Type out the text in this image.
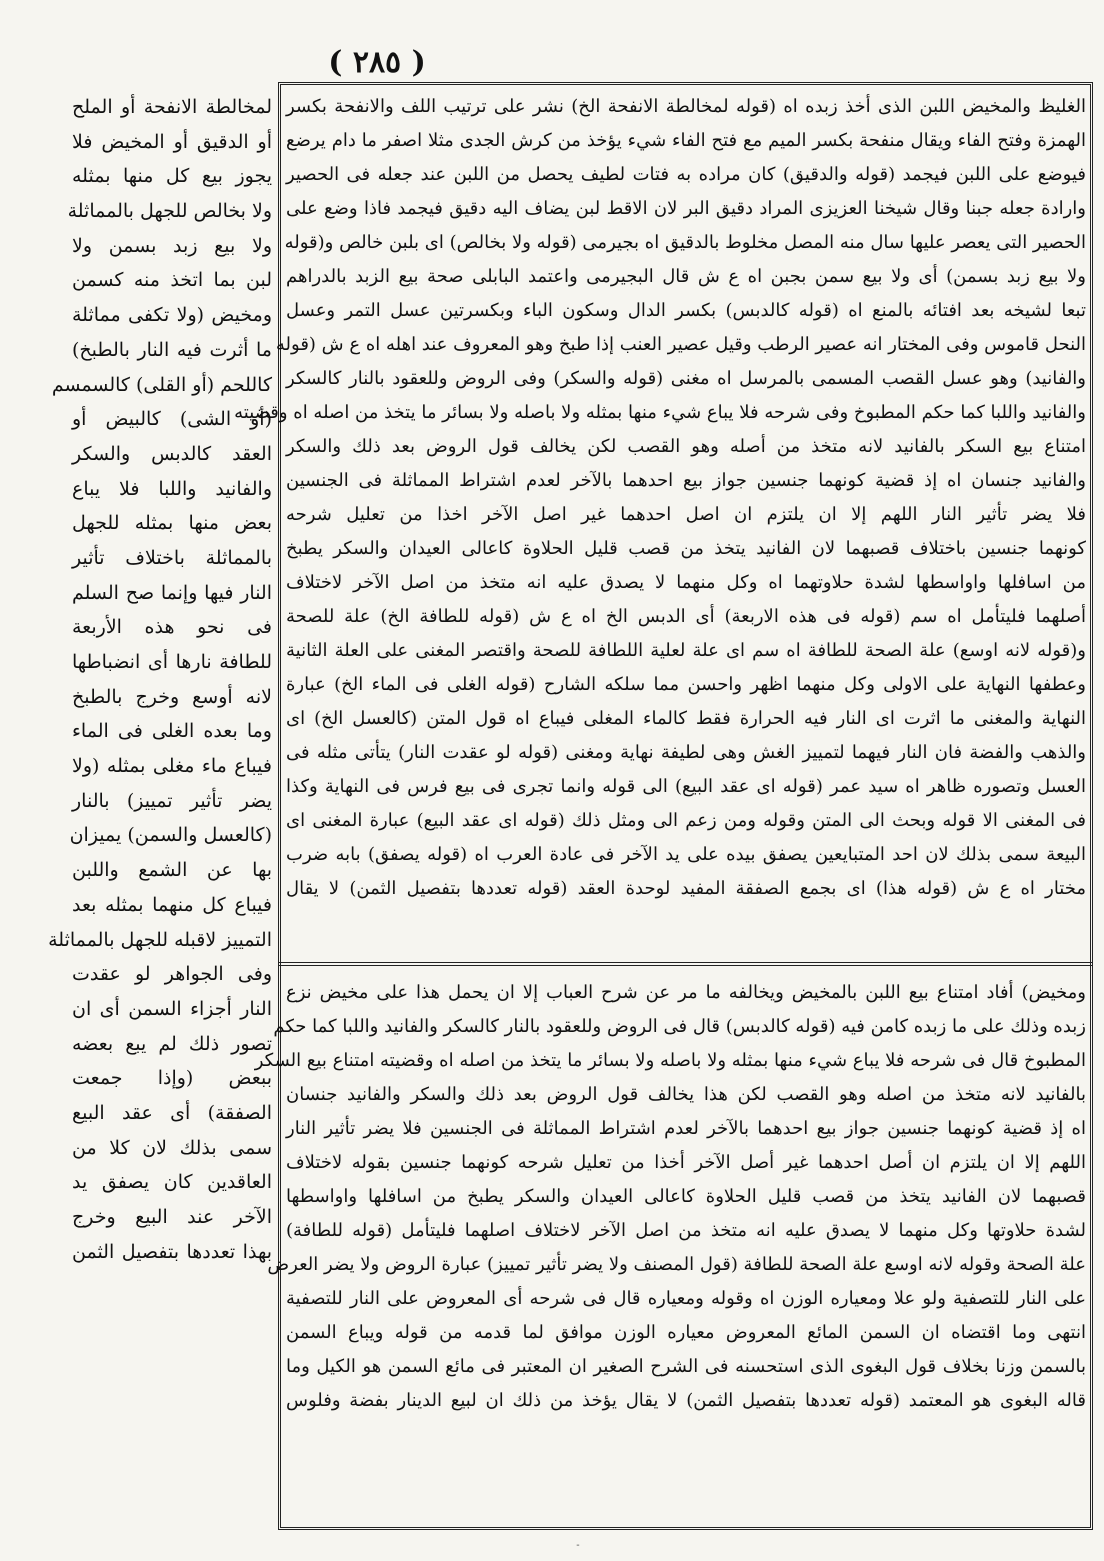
( ٢٨٥ )
الغليظ والمخيض اللبن الذى أخذ زبده اه (قوله لمخالطة الانفحة الخ) نشر على ترتيب اللف والانفحة بكسر
الهمزة وفتح الفاء ويقال منفحة بكسر الميم مع فتح الفاء شيء يؤخذ من كرش الجدى مثلا اصفر ما دام يرضع
فيوضع على اللبن فيجمد (قوله والدقيق) كان مراده به فتات لطيف يحصل من اللبن عند جعله فى الحصير
وارادة جعله جبنا وقال شيخنا العزيزى المراد دقيق البر لان الاقط لبن يضاف اليه دقيق فيجمد فاذا وضع على
الحصير التى يعصر عليها سال منه المصل مخلوط بالدقيق اه بجيرمى (قوله ولا بخالص) اى بلبن خالص و(قوله
ولا بيع زبد بسمن) أى ولا بيع سمن بجبن اه ع ش قال البجيرمى واعتمد البابلى صحة بيع الزبد بالدراهم
تبعا لشيخه بعد افتائه بالمنع اه (قوله كالدبس) بكسر الدال وسكون الباء وبكسرتين عسل التمر وعسل
النحل قاموس وفى المختار انه عصير الرطب وقيل عصير العنب إذا طبخ وهو المعروف عند اهله اه ع ش (قوله
والفانيد) وهو عسل القصب المسمى بالمرسل اه مغنى (قوله والسكر) وفى الروض وللعقود بالنار كالسكر
والفانيد واللبا كما حكم المطبوخ وفى شرحه فلا يباع شيء منها بمثله ولا باصله ولا بسائر ما يتخذ من اصله اه وقضيته
امتناع بيع السكر بالفانيد لانه متخذ من أصله وهو القصب لكن يخالف قول الروض بعد ذلك والسكر
والفانيد جنسان اه إذ قضية كونهما جنسين جواز بيع احدهما بالآخر لعدم اشتراط المماثلة فى الجنسين
فلا يضر تأثير النار اللهم إلا ان يلتزم ان اصل احدهما غير اصل الآخر اخذا من تعليل شرحه
كونهما جنسين باختلاف قصبهما لان الفانيد يتخذ من قصب قليل الحلاوة كاعالى العيدان والسكر يطبخ
من اسافلها واواسطها لشدة حلاوتهما اه وكل منهما لا يصدق عليه انه متخذ من اصل الآخر لاختلاف
أصلهما فليتأمل اه سم (قوله فى هذه الاربعة) أى الدبس الخ اه ع ش (قوله للطافة الخ) علة للصحة
و(قوله لانه اوسع) علة الصحة للطافة اه سم اى علة لعلية اللطافة للصحة واقتصر المغنى على العلة الثانية
وعطفها النهاية على الاولى وكل منهما اظهر واحسن مما سلكه الشارح (قوله الغلى فى الماء الخ) عبارة
النهاية والمغنى ما اثرت اى النار فيه الحرارة فقط كالماء المغلى فيباع اه قول المتن (كالعسل الخ) اى
والذهب والفضة فان النار فيهما لتمييز الغش وهى لطيفة نهاية ومغنى (قوله لو عقدت النار) يتأتى مثله فى
العسل وتصوره ظاهر اه سيد عمر (قوله اى عقد البيع) الى قوله وانما تجرى فى بيع فرس فى النهاية وكذا
فى المغنى الا قوله وبحث الى المتن وقوله ومن زعم الى ومثل ذلك (قوله اى عقد البيع) عبارة المغنى اى
البيعة سمى بذلك لان احد المتبايعين يصفق بيده على يد الآخر فى عادة العرب اه (قوله يصفق) بابه ضرب
مختار اه ع ش (قوله هذا) اى بجمع الصفقة المفيد لوحدة العقد (قوله تعددها بتفصيل الثمن) لا يقال
ومخيض) أفاد امتناع بيع اللبن بالمخيض ويخالفه ما مر عن شرح العباب إلا ان يحمل هذا على مخيض نزع
زبده وذلك على ما زبده كامن فيه (قوله كالدبس) قال فى الروض وللعقود بالنار كالسكر والفانيد واللبا كما حكم
المطبوخ قال فى شرحه فلا يباع شيء منها بمثله ولا باصله ولا بسائر ما يتخذ من اصله اه وقضيته امتناع بيع السكر
بالفانيد لانه متخذ من اصله وهو القصب لكن هذا يخالف قول الروض بعد ذلك والسكر والفانيد جنسان
اه إذ قضية كونهما جنسين جواز بيع احدهما بالآخر لعدم اشتراط المماثلة فى الجنسين فلا يضر تأثير النار
اللهم إلا ان يلتزم ان أصل احدهما غير أصل الآخر أخذا من تعليل شرحه كونهما جنسين بقوله لاختلاف
قصبهما لان الفانيد يتخذ من قصب قليل الحلاوة كاعالى العيدان والسكر يطبخ من اسافلها واواسطها
لشدة حلاوتها وكل منهما لا يصدق عليه انه متخذ من اصل الآخر لاختلاف اصلهما فليتأمل (قوله للطافة)
علة الصحة وقوله لانه اوسع علة الصحة للطافة (قول المصنف ولا يضر تأثير تمييز) عبارة الروض ولا يضر العرض
على النار للتصفية ولو علا ومعياره الوزن اه وقوله ومعياره قال فى شرحه أى المعروض على النار للتصفية
انتهى وما اقتضاه ان السمن المائع المعروض معياره الوزن موافق لما قدمه من قوله ويباع السمن
بالسمن وزنا بخلاف قول البغوى الذى استحسنه فى الشرح الصغير ان المعتبر فى مائع السمن هو الكيل وما
قاله البغوى هو المعتمد (قوله تعددها بتفصيل الثمن) لا يقال يؤخذ من ذلك ان لبيع الدينار بفضة وفلوس
لمخالطة الانفحة أو الملح
أو الدقيق أو المخيض فلا
يجوز بيع كل منها بمثله
ولا بخالص للجهل بالمماثلة
ولا بيع زبد بسمن ولا
لبن بما اتخذ منه كسمن
ومخيض (ولا تكفى مماثلة
ما أثرت فيه النار بالطبخ)
كاللحم (أو القلى) كالسمسم
(أو الشى) كالبيض أو
العقد كالدبس والسكر
والفانيد واللبا فلا يباع
بعض منها بمثله للجهل
بالمماثلة باختلاف تأثير
النار فيها وإنما صح السلم
فى نحو هذه الأربعة
للطافة نارها أى انضباطها
لانه أوسع وخرج بالطبخ
وما بعده الغلى فى الماء
فيباع ماء مغلى بمثله (ولا
يضر تأثير تمييز) بالنار
(كالعسل والسمن) يميزان
بها عن الشمع واللبن
فيباع كل منهما بمثله بعد
التمييز لاقبله للجهل بالمماثلة
وفى الجواهر لو عقدت
النار أجزاء السمن أى ان
تصور ذلك لم يبع بعضه
ببعض (وإذا جمعت
الصفقة) أى عقد البيع
سمى بذلك لان كلا من
العاقدين كان يصفق يد
الآخر عند البيع وخرج
بهذا تعددها بتفصيل الثمن
-
